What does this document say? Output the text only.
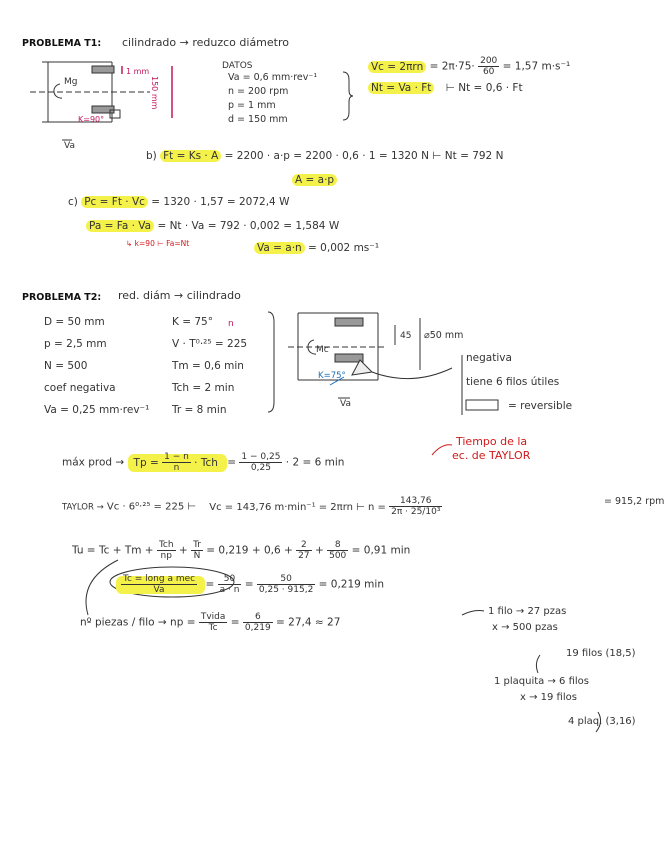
PROBLEMA T1: cilindrado → reduzco diámetro
1 mm
150 mm
Mg
K=90°
Va
DATOS
Va = 0,6 mm·rev⁻¹
n = 200 rpm
p = 1 mm
d = 150 mm
$Vc = 2\pi rn = 2\pi\cdot 75\cdot \frac{200}{60} = 1,57$ m·s⁻¹
Nt = Va · Ft ⊢ Nt = 0,6 · Ft
b) Ft = Ks · A = 2200 · a·p = 2200 · 0,6 · 1 = 1320 N ⊢ Nt = 792 N
A = a·p
c) Pc = Ft · Vc = 1320 · 1,57 = 2072,4 W
Pa = Fa · Va = Nt · Va = 792 · 0,002 = 1,584 W
↳ k=90 ⊢ Fa=Nt	Va = a·n = 0,002 ms⁻¹
PROBLEMA T2: red. diám → cilindrado
D = 50 mm
p = 2,5 mm
N = 500
coef negativa
Va = 0,25 mm·rev⁻¹
K = 75° n
V · T⁰·²⁵ = 225
Tm = 0,6 min
Tch = 2 min
Tr = 8 min
45 ⌀50 mm
Mc
K=75°
Va
negativa
tiene 6 filos útiles
= reversible
máx prod → $Tp = \frac{1 - n}{n}$ · Tch = $\frac{1 - 0,25}{0,25} \cdot 2 = 6$ min
Tiempo de la
ec. de TAYLOR
TAYLOR → Vc · 6⁰·²⁵ = 225 ⊢ Vc = 143,76 m·min⁻¹ = 2πrn ⊢ $n = \frac{143,76}{\text{2π · 25/10³}}$	= 915,2 rpm
Tu = Tc + Tm + Tch
np + $\frac{Tr}{N} = 0,219 + 0,6 + \frac{2}{27} + \frac{8}{500} = 0,91$ min
Tc = long a mec
Va	= $\frac{50}{a \cdot n} = \frac{50}{0,25 \cdot 915,2} = 0,219$ min
nº piezas / filo → np = Tvida
Tc	= $\frac{6}{0,219} = 27,4 \approx 27$
1 filo → 27 pzas
x → 500 pzas
19 filos (18,5)
1 plaquita → 6 filos
x → 19 filos
4 plaq. (3,16)
